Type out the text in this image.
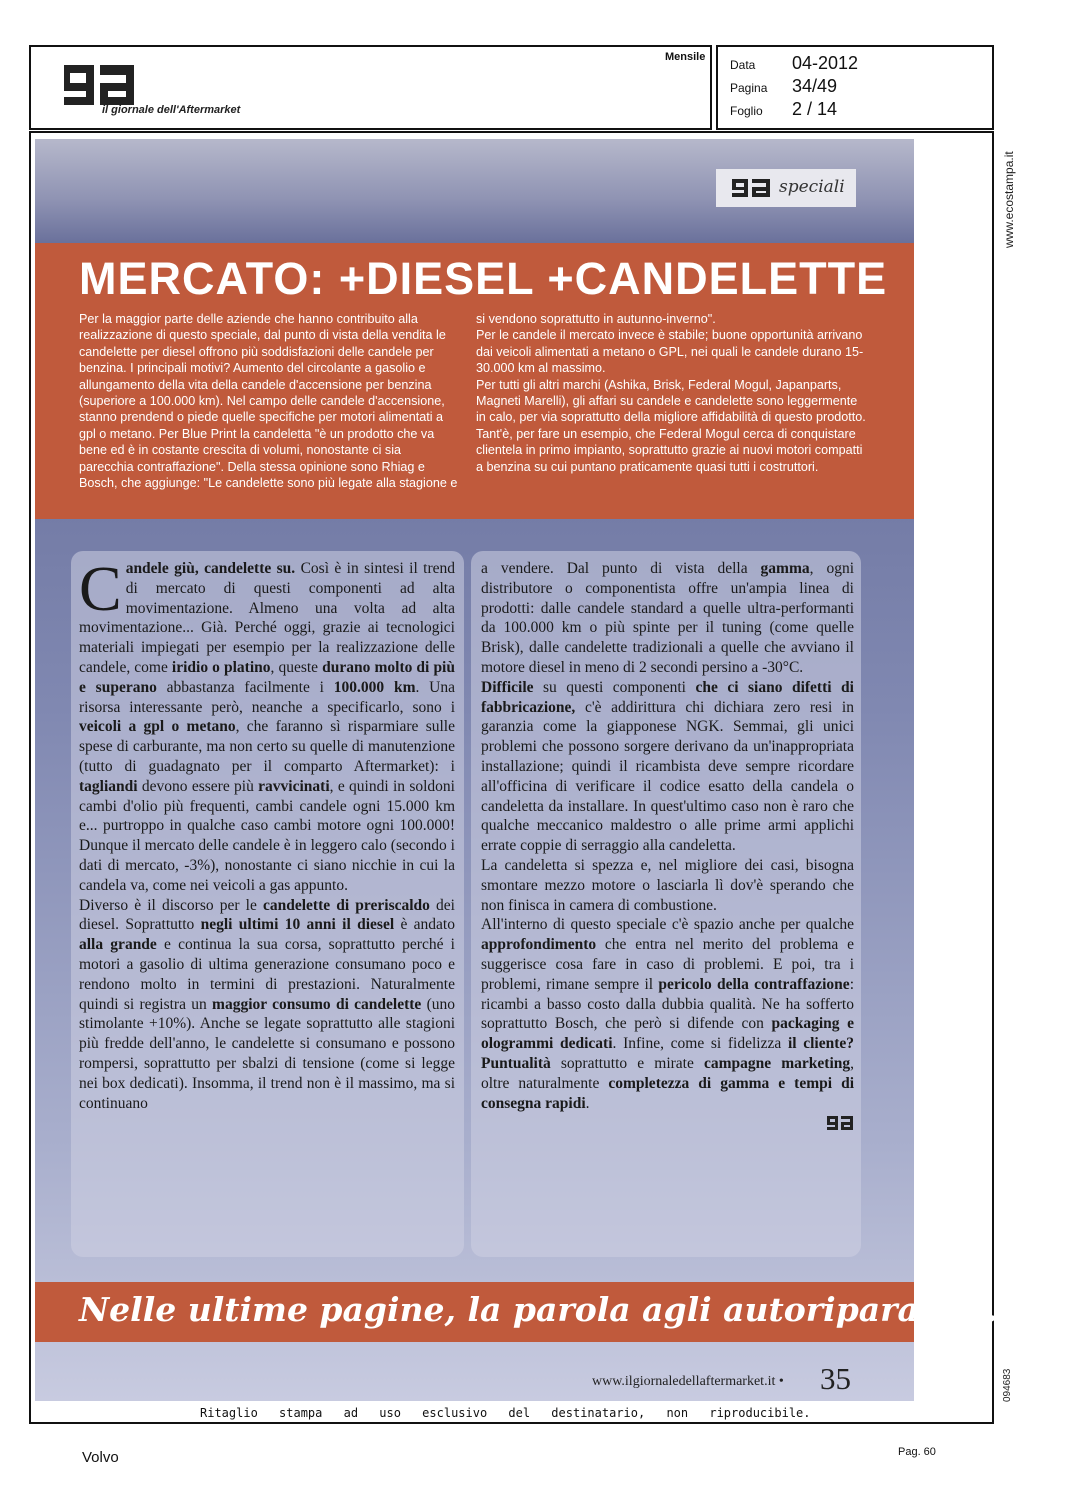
il giornale dell'Aftermarket
Mensile
Data	04-2012
Pagina	34/49
Foglio	2 / 14
speciali
MERCATO: +DIESEL +CANDELETTE

Per la maggior parte delle aziende che hanno contribuito alla realizzazione di questo speciale, dal punto di vista della vendita le candelette per diesel offrono più soddisfazioni delle candele per benzina. I principali motivi? Aumento del circolante a gasolio e allungamento della vita della candele d'accensione per benzina (superiore a 100.000 km). Nel campo delle candele d'accensione, stanno prendend o piede quelle specifiche per motori alimentati a gpl o metano. Per Blue Print la candeletta "è un prodotto che va bene ed è in costante crescita di volumi, nonostante ci sia parecchia contraffazione". Della stessa opinione sono Rhiag e Bosch, che aggiunge: "Le candelette sono più legate alla stagione e

si vendono soprattutto in autunno-inverno".

Per le candele il mercato invece è stabile; buone opportunità arrivano dai veicoli alimentati a metano o GPL, nei quali le candele durano 15-30.000 km al massimo.

Per tutti gli altri marchi (Ashika, Brisk, Federal Mogul, Japanparts, Magneti Marelli), gli affari su candele e candelette sono leggermente in calo, per via soprattutto della migliore affidabilità di questo prodotto.

Tant'è, per fare un esempio, che Federal Mogul cerca di conquistare clientela in primo impianto, soprattutto grazie ai nuovi motori compatti a benzina su cui puntano praticamente quasi tutti i costruttori.

C andele giù, candelette su. Così è in sintesi il trend di mercato di questi componenti ad alta movimentazione. Almeno una volta ad alta movimentazione... Già. Perché oggi, grazie ai tecnologici materiali impiegati per esempio per la realizzazione delle candele, come iridio o platino, queste durano molto di più e superano abbastanza facilmente i 100.000 km. Una risorsa interessante però, neanche a specificarlo, sono i veicoli a gpl o metano, che faranno sì risparmiare sulle spese di carburante, ma non certo su quelle di manutenzione (tutto di guadagnato per il comparto Aftermarket): i tagliandi devono essere più ravvicinati, e quindi in soldoni cambi d'olio più frequenti, cambi candele ogni 15.000 km e... purtroppo in qualche caso cambi motore ogni 100.000! Dunque il mercato delle candele è in leggero calo (secondo i dati di mercato, -3%), nonostante ci siano nicchie in cui la candela va, come nei veicoli a gas appunto.

Diverso è il discorso per le candelette di preriscaldo dei diesel. Soprattutto negli ultimi 10 anni il diesel è andato alla grande e continua la sua corsa, soprattutto perché i motori a gasolio di ultima generazione consumano poco e rendono molto in termini di prestazioni. Naturalmente quindi si registra un maggior consumo di candelette (uno stimolante +10%). Anche se legate soprattutto alle stagioni più fredde dell'anno, le candelette si consumano e possono rompersi, soprattutto per sbalzi di tensione (come si legge nei box dedicati). Insomma, il trend non è il massimo, ma si continuano

a vendere. Dal punto di vista della gamma, ogni distributore o componentista offre un'ampia linea di prodotti: dalle candele standard a quelle ultra-performanti da 100.000 km o più spinte per il tuning (come quelle Brisk), dalle candelette tradizionali a quelle che avviano il motore diesel in meno di 2 secondi persino a -30°C.

Difficile su questi componenti che ci siano difetti di fabbricazione, c'è addirittura chi dichiara zero resi in garanzia come la giapponese NGK. Semmai, gli unici problemi che possono sorgere derivano da un'inappropriata installazione; quindi il ricambista deve sempre ricordare all'officina di verificare il codice esatto della candela o candeletta da installare. In quest'ultimo caso non è raro che qualche meccanico maldestro o alle prime armi applichi errate coppie di serraggio alla candeletta.

La candeletta si spezza e, nel migliore dei casi, bisogna smontare mezzo motore o lasciarla lì dov'è sperando che non finisca in camera di combustione.

All'interno di questo speciale c'è spazio anche per qualche approfondimento che entra nel merito del problema e suggerisce cosa fare in caso di problemi. E poi, tra i problemi, rimane sempre il pericolo della contraffazione: ricambi a basso costo dalla dubbia qualità. Ne ha sofferto soprattutto Bosch, che però si difende con packaging e ologrammi dedicati. Infine, come si fidelizza il cliente? Puntualità soprattutto e mirate campagne marketing, oltre naturalmente completezza di gamma e tempi di consegna rapidi.

Nelle ultime pagine, la parola agli autoriparatori...
www.ilgiornaledellaftermarket.it • 35
www.ecostampa.it
094683
Ritaglio stampa ad uso esclusivo del destinatario, non riproducibile.
Volvo	Pag. 60
